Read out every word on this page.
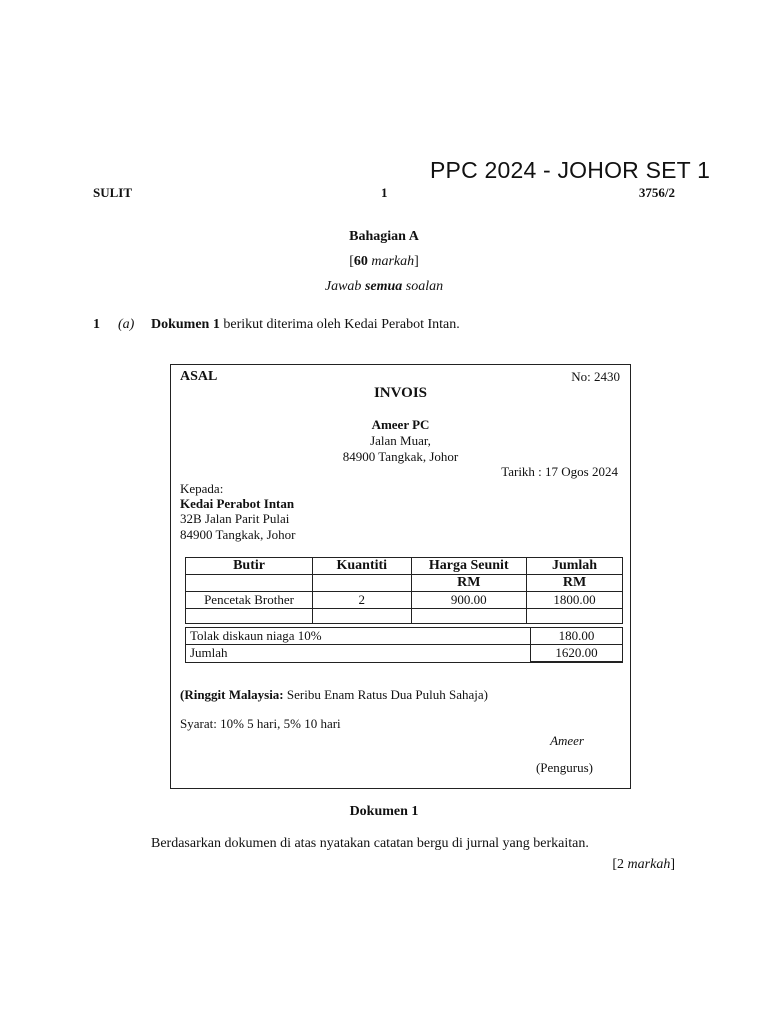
PPC 2024 - JOHOR SET 1
SULIT	1	3756/2
Bahagian A
[60 markah]
Jawab semua soalan
1 (a) Dokumen 1 berikut diterima oleh Kedai Perabot Intan.
ASAL	No: 2430
INVOIS
Ameer PC
Jalan Muar,
84900 Tangkak, Johor
Tarikh : 17 Ogos 2024
Kepada:
Kedai Perabot Intan
32B Jalan Parit Pulai
84900 Tangkak, Johor
Butir	Kuantiti	Harga Seunit	Jumlah
		RM	RM
Pencetak Brother	2	900.00	1800.00

Tolak diskaun niaga 10%	180.00
Jumlah	1620.00
(Ringgit Malaysia: Seribu Enam Ratus Dua Puluh Sahaja)
Syarat: 10% 5 hari, 5% 10 hari
Ameer
(Pengurus)
Dokumen 1
Berdasarkan dokumen di atas nyatakan catatan bergu di jurnal yang berkaitan.
[2 markah]
